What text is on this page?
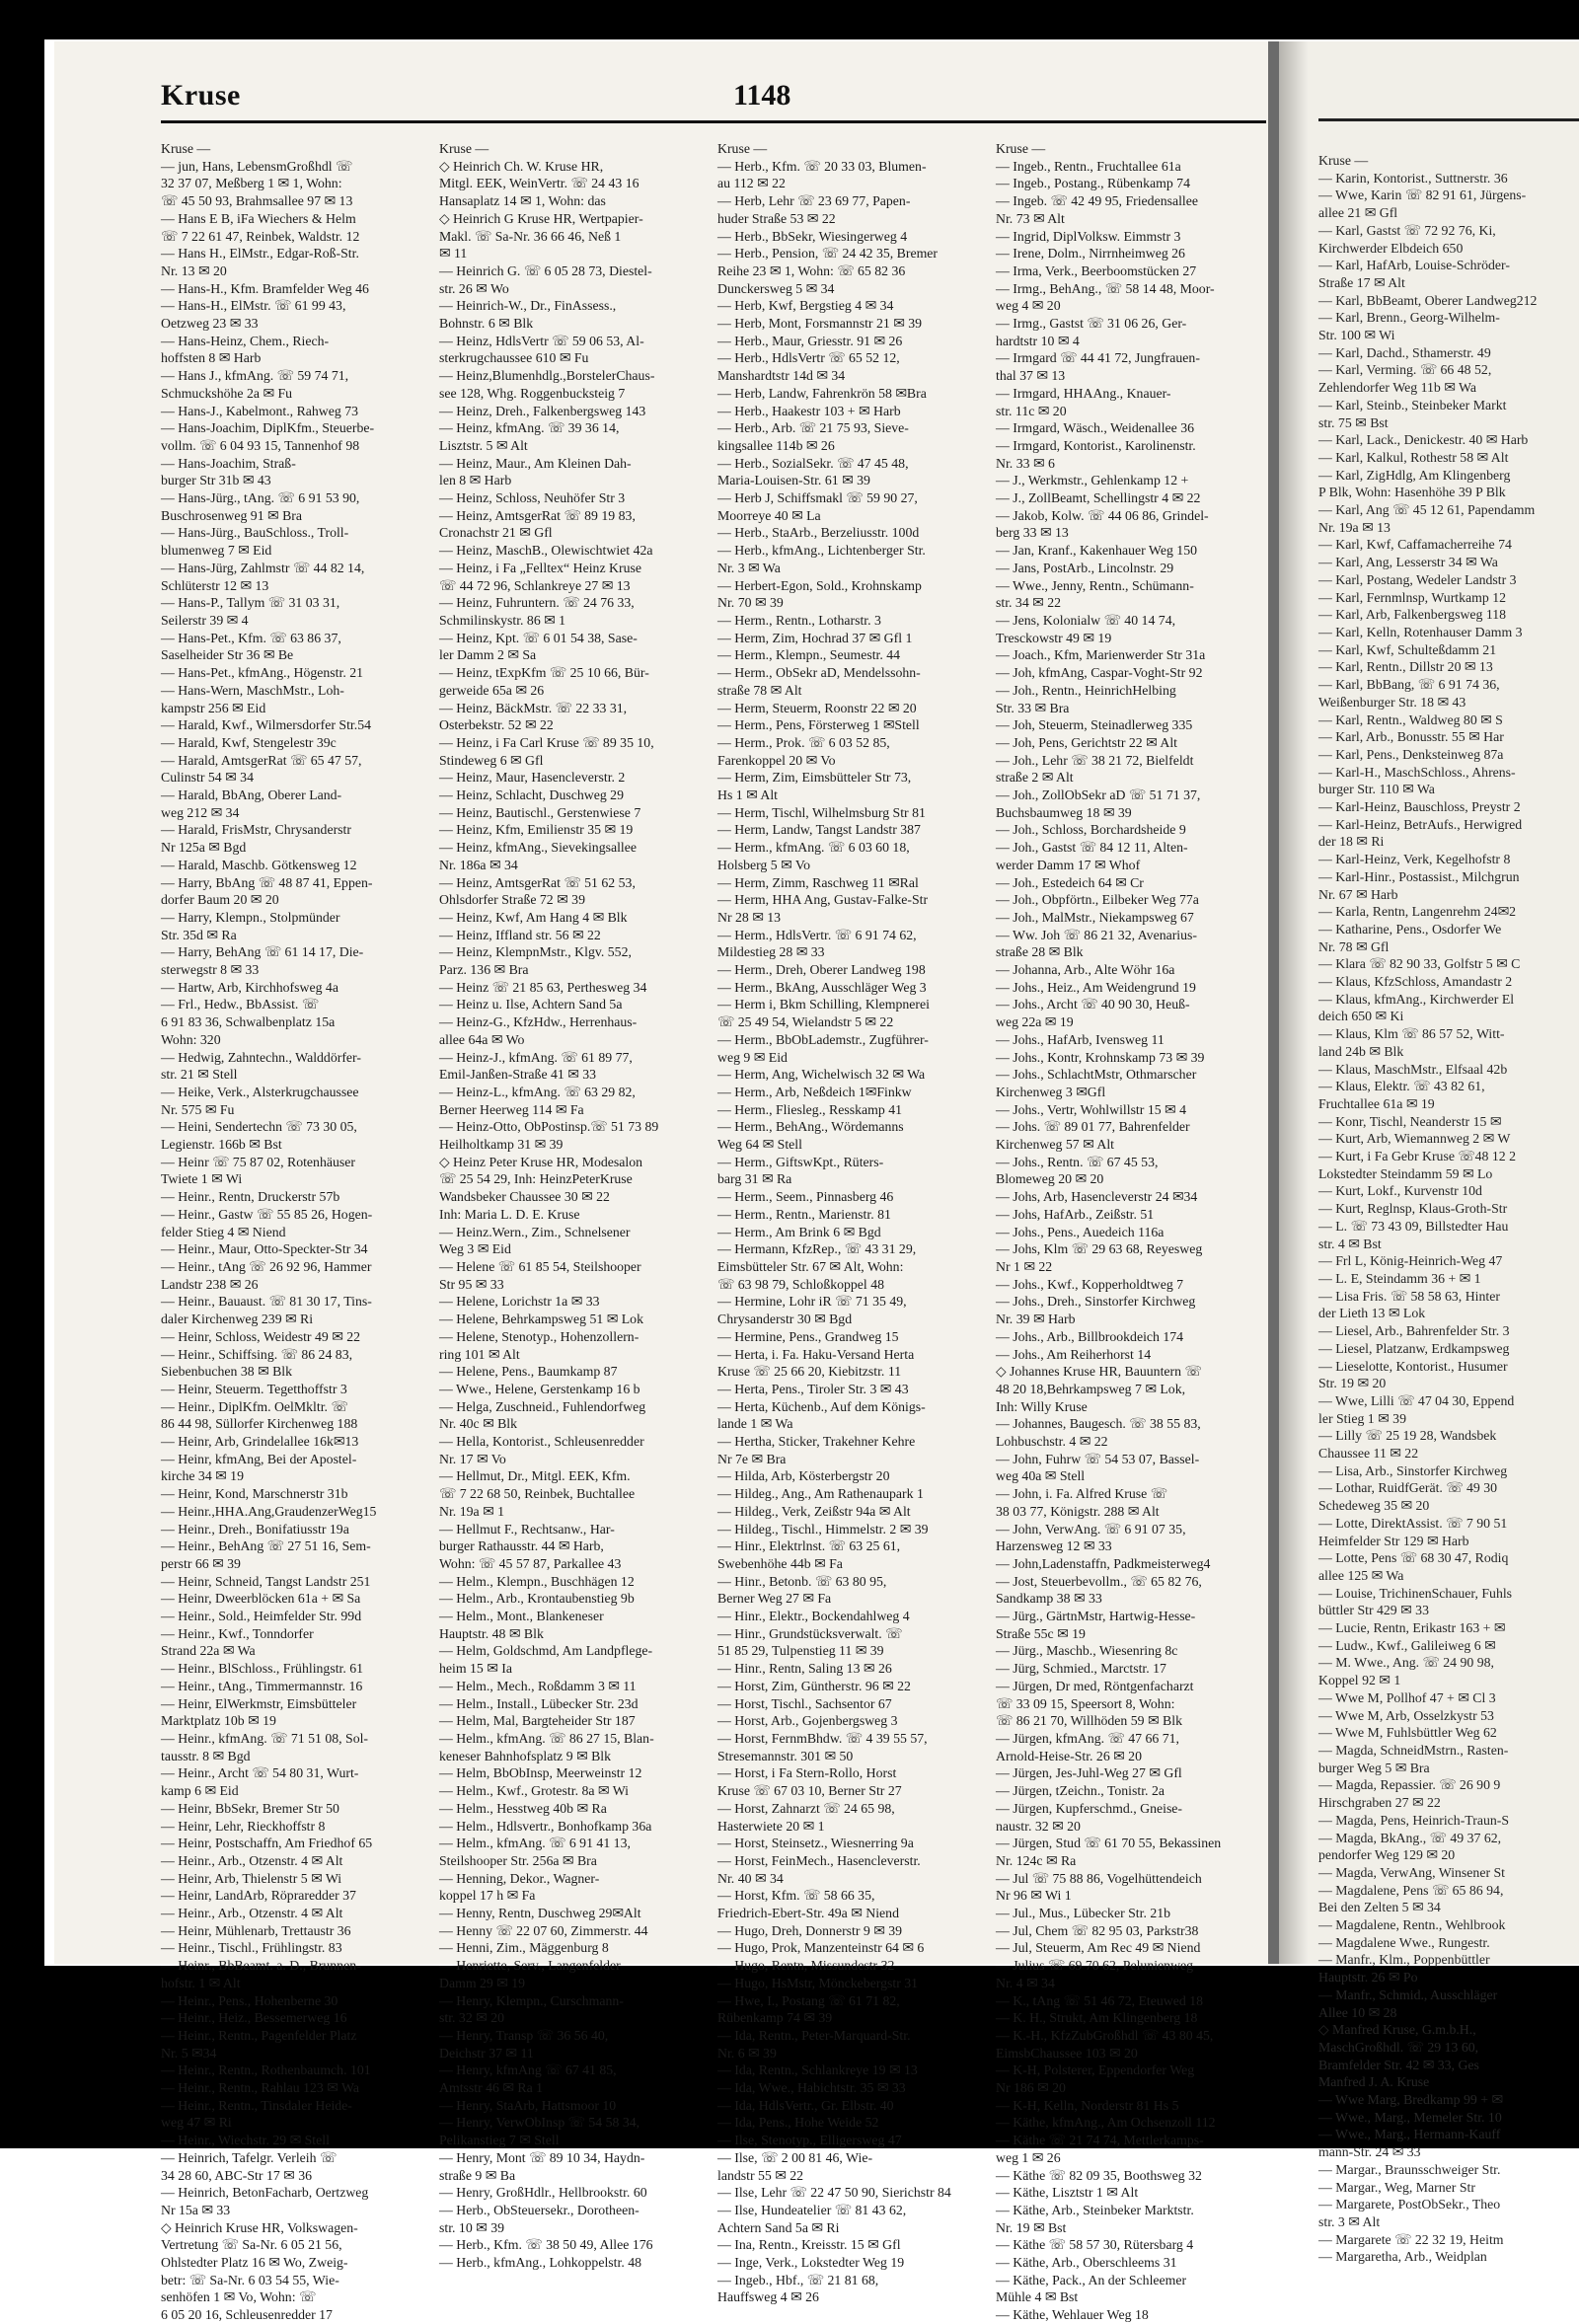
Kruse	1148
Kruse —
— jun, Hans, LebensmGroßhdl ☏
32 37 07, Meßberg 1 ✉ 1, Wohn:
☏ 45 50 93, Brahmsallee 97 ✉ 13
— Hans E B, iFa Wiechers & Helm
☏ 7 22 61 47, Reinbek, Waldstr. 12
— Hans H., ElMstr., Edgar-Roß-Str.
Nr. 13 ✉ 20
— Hans-H., Kfm. Bramfelder Weg 46
— Hans-H., ElMstr. ☏ 61 99 43,
Oetzweg 23 ✉ 33
— Hans-Heinz, Chem., Riech-
hoffsten 8 ✉ Harb
— Hans J., kfmAng. ☏ 59 74 71,
Schmuckshöhe 2a ✉ Fu
— Hans-J., Kabelmont., Rahweg 73
— Hans-Joachim, DiplKfm., Steuerbe-
vollm. ☏ 6 04 93 15, Tannenhof 98
— Hans-Joachim, Straß-
burger Str 31b ✉ 43
— Hans-Jürg., tAng. ☏ 6 91 53 90,
Buschrosenweg 91 ✉ Bra
— Hans-Jürg., BauSchloss., Troll-
blumenweg 7 ✉ Eid
— Hans-Jürg, Zahlmstr ☏ 44 82 14,
Schlüterstr 12 ✉ 13
— Hans-P., Tallym ☏ 31 03 31,
Seilerstr 39 ✉ 4
— Hans-Pet., Kfm. ☏ 63 86 37,
Saselheider Str 36 ✉ Be
— Hans-Pet., kfmAng., Högenstr. 21
— Hans-Wern, MaschMstr., Loh-
kampstr 256 ✉ Eid
— Harald, Kwf., Wilmersdorfer Str.54
— Harald, Kwf, Stengelestr 39c
— Harald, AmtsgerRat ☏ 65 47 57,
Culinstr 54 ✉ 34
— Harald, BbAng, Oberer Land-
weg 212 ✉ 34
— Harald, FrisMstr, Chrysanderstr
Nr 125a ✉ Bgd
— Harald, Maschb. Götkensweg 12
— Harry, BbAng ☏ 48 87 41, Eppen-
dorfer Baum 20 ✉ 20
— Harry, Klempn., Stolpmünder
Str. 35d ✉ Ra
— Harry, BehAng ☏ 61 14 17, Die-
sterwegstr 8 ✉ 33
— Hartw, Arb, Kirchhofsweg 4a
— Frl., Hedw., BbAssist. ☏
6 91 83 36, Schwalbenplatz 15a
Wohn: 320
— Hedwig, Zahntechn., Walddörfer-
str. 21 ✉ Stell
— Heike, Verk., Alsterkrugchaussee
Nr. 575 ✉ Fu
— Heini, Sendertechn ☏ 73 30 05,
Legienstr. 166b ✉ Bst
— Heinr ☏ 75 87 02, Rotenhäuser
Twiete 1 ✉ Wi
— Heinr., Rentn, Druckerstr 57b
— Heinr., Gastw ☏ 55 85 26, Hogen-
felder Stieg 4 ✉ Niend
— Heinr., Maur, Otto-Speckter-Str 34
— Heinr., tAng ☏ 26 92 96, Hammer
Landstr 238 ✉ 26
— Heinr., Bauaust. ☏ 81 30 17, Tins-
daler Kirchenweg 239 ✉ Ri
— Heinr, Schloss, Weidestr 49 ✉ 22
— Heinr., Schiffsing. ☏ 86 24 83,
Siebenbuchen 38 ✉ Blk
— Heinr, Steuerm. Tegetthoffstr 3
— Heinr., DiplKfm. OelMkltr. ☏
86 44 98, Süllorfer Kirchenweg 188
— Heinr, Arb, Grindelallee 16k✉13
— Heinr, kfmAng, Bei der Apostel-
kirche 34 ✉ 19
— Heinr, Kond, Marschnerstr 31b
— Heinr.,HHA.Ang,GraudenzerWeg15
— Heinr., Dreh., Bonifatiusstr 19a
— Heinr., BehAng ☏ 27 51 16, Sem-
perstr 66 ✉ 39
— Heinr, Schneid, Tangst Landstr 251
— Heinr, Dweerblöcken 61a + ✉ Sa
— Heinr., Sold., Heimfelder Str. 99d
— Heinr., Kwf., Tonndorfer
Strand 22a ✉ Wa
— Heinr., BlSchloss., Frühlingstr. 61
— Heinr., tAng., Timmermannstr. 16
— Heinr, ElWerkmstr, Eimsbütteler
Marktplatz 10b ✉ 19
— Heinr., kfmAng. ☏ 71 51 08, Sol-
tausstr. 8 ✉ Bgd
— Heinr., Archt ☏ 54 80 31, Wurt-
kamp 6 ✉ Eid
— Heinr, BbSekr, Bremer Str 50
— Heinr, Lehr, Rieckhoffstr 8
— Heinr, Postschaffn, Am Friedhof 65
— Heinr., Arb., Otzenstr. 4 ✉ Alt
— Heinr, Arb, Thielenstr 5 ✉ Wi
— Heinr, LandArb, Röpraredder 37
— Heinr., Arb., Otzenstr. 4 ✉ Alt
— Heinr, Mühlenarb, Trettaustr 36
— Heinr., Tischl., Frühlingstr. 83
— Heinr., BbBeamt. a. D., Brunnen-
hofstr. 1 ✉ Alt
— Heinr., Pens., Hohenberne 30
— Heinr., Heiz., Bessemerweg 16
— Heinr., Rentn., Pagenfelder Platz
Nr. 5 ✉34
— Heinr., Rentn., Rothenbaumch. 101
— Heinr., Rentn., Rahlau 123 ✉ Wa
— Heinr., Rentn., Tinsdaler Heide-
weg 47 ✉ Ri
— Heinr., Wiechstr. 29 ✉ Stell
— Heinrich, Tafelgr. Verleih ☏
34 28 60, ABC-Str 17 ✉ 36
— Heinrich, BetonFacharb, Oertzweg
Nr 15a ✉ 33
◇ Heinrich Kruse HR, Volkswagen-
Vertretung ☏ Sa-Nr. 6 05 21 56,
Ohlstedter Platz 16 ✉ Wo, Zweig-
betr: ☏ Sa-Nr. 6 03 54 55, Wie-
senhöfen 1 ✉ Vo, Wohn: ☏
6 05 20 16, Schleusenredder 17
Kruse —
◇ Heinrich Ch. W. Kruse HR,
Mitgl. EEK, WeinVertr. ☏ 24 43 16
Hansaplatz 14 ✉ 1, Wohn: das
◇ Heinrich G Kruse HR, Wertpapier-
Makl. ☏ Sa-Nr. 36 66 46, Neß 1
✉ 11
— Heinrich G. ☏ 6 05 28 73, Diestel-
str. 26 ✉ Wo
— Heinrich-W., Dr., FinAssess.,
Bohnstr. 6 ✉ Blk
— Heinz, HdlsVertr ☏ 59 06 53, Al-
sterkrugchaussee 610 ✉ Fu
— Heinz,Blumenhdlg.,BorstelerChaus-
see 128, Whg. Roggenbucksteig 7
— Heinz, Dreh., Falkenbergsweg 143
— Heinz, kfmAng. ☏ 39 36 14,
Lisztstr. 5 ✉ Alt
— Heinz, Maur., Am Kleinen Dah-
len 8 ✉ Harb
— Heinz, Schloss, Neuhöfer Str 3
— Heinz, AmtsgerRat ☏ 89 19 83,
Cronachstr 21 ✉ Gfl
— Heinz, MaschB., Olewischtwiet 42a
— Heinz, i Fa „Felltex“ Heinz Kruse
☏ 44 72 96, Schlankreye 27 ✉ 13
— Heinz, Fuhruntern. ☏ 24 76 33,
Schmilinskystr. 86 ✉ 1
— Heinz, Kpt. ☏ 6 01 54 38, Sase-
ler Damm 2 ✉ Sa
— Heinz, tExpKfm ☏ 25 10 66, Bür-
gerweide 65a ✉ 26
— Heinz, BäckMstr. ☏ 22 33 31,
Osterbekstr. 52 ✉ 22
— Heinz, i Fa Carl Kruse ☏ 89 35 10,
Stindeweg 6 ✉ Gfl
— Heinz, Maur, Hasencleverstr. 2
— Heinz, Schlacht, Duschweg 29
— Heinz, Bautischl., Gerstenwiese 7
— Heinz, Kfm, Emilienstr 35 ✉ 19
— Heinz, kfmAng., Sievekingsallee
Nr. 186a ✉ 34
— Heinz, AmtsgerRat ☏ 51 62 53,
Ohlsdorfer Straße 72 ✉ 39
— Heinz, Kwf, Am Hang 4 ✉ Blk
— Heinz, Iffland str. 56 ✉ 22
— Heinz, KlempnMstr., Klgv. 552,
Parz. 136 ✉ Bra
— Heinz ☏ 21 85 63, Perthesweg 34
— Heinz u. Ilse, Achtern Sand 5a
— Heinz-G., KfzHdw., Herrenhaus-
allee 64a ✉ Wo
— Heinz-J., kfmAng. ☏ 61 89 77,
Emil-Janßen-Straße 41 ✉ 33
— Heinz-L., kfmAng. ☏ 63 29 82,
Berner Heerweg 114 ✉ Fa
— Heinz-Otto, ObPostinsp.☏ 51 73 89
Heilholtkamp 31 ✉ 39
◇ Heinz Peter Kruse HR, Modesalon
☏ 25 54 29, Inh: HeinzPeterKruse
Wandsbeker Chaussee 30 ✉ 22
Inh: Maria L. D. E. Kruse
— Heinz.Wern., Zim., Schnelsener
Weg 3 ✉ Eid
— Helene ☏ 61 85 54, Steilshooper
Str 95 ✉ 33
— Helene, Lorichstr 1a ✉ 33
— Helene, Behrkampsweg 51 ✉ Lok
— Helene, Stenotyp., Hohenzollern-
ring 101 ✉ Alt
— Helene, Pens., Baumkamp 87
— Wwe., Helene, Gerstenkamp 16 b
— Helga, Zuschneid., Fuhlendorfweg
Nr. 40c ✉ Blk
— Hella, Kontorist., Schleusenredder
Nr. 17 ✉ Vo
— Hellmut, Dr., Mitgl. EEK, Kfm.
☏ 7 22 68 50, Reinbek, Buchtallee
Nr. 19a ✉ 1
— Hellmut F., Rechtsanw., Har-
burger Rathausstr. 44 ✉ Harb,
Wohn: ☏ 45 57 87, Parkallee 43
— Helm., Klempn., Buschhägen 12
— Helm., Arb., Krontaubenstieg 9b
— Helm., Mont., Blankeneser
Hauptstr. 48 ✉ Blk
— Helm, Goldschmd, Am Landpflege-
heim 15 ✉ Ia
— Helm., Mech., Roßdamm 3 ✉ 11
— Helm., Install., Lübecker Str. 23d
— Helm, Mal, Bargteheider Str 187
— Helm., kfmAng. ☏ 86 27 15, Blan-
keneser Bahnhofsplatz 9 ✉ Blk
— Helm, BbObInsp, Meerweinstr 12
— Helm., Kwf., Grotestr. 8a ✉ Wi
— Helm., Hesstweg 40b ✉ Ra
— Helm., Hdlsvertr., Bonhofkamp 36a
— Helm., kfmAng. ☏ 6 91 41 13,
Steilshooper Str. 256a ✉ Bra
— Henning, Dekor., Wagner-
koppel 17 h ✉ Fa
— Henny, Rentn, Duschweg 29✉Alt
— Henny ☏ 22 07 60, Zimmerstr. 44
— Henni, Zim., Mäggenburg 8
— Henriette, Serv., Langenfelder
Damm 29 ✉ 19
— Henry, Klempn., Curschmann-
str. 32 ✉ 20
— Henry, Transp ☏ 36 56 40,
Deichstr 37 ✉ 11
— Henry, kfmAng ☏ 67 41 85,
Amtsstr 46 ✉ Ra 1
— Henry, StaArb, Hattsmoor 10
— Henry, VerwObInsp ☏ 54 58 34,
Pelikanstieg 7 ✉ Stell
— Henry, Mont ☏ 89 10 34, Haydn-
straße 9 ✉ Ba
— Henry, GroßHdlr., Hellbrookstr. 60
— Herb., ObSteuersekr., Dorotheen-
str. 10 ✉ 39
— Herb., Kfm. ☏ 38 50 49, Allee 176
— Herb., kfmAng., Lohkoppelstr. 48
Kruse —
— Herb., Kfm. ☏ 20 33 03, Blumen-
au 112 ✉ 22
— Herb, Lehr ☏ 23 69 77, Papen-
huder Straße 53 ✉ 22
— Herb., BbSekr, Wiesingerweg 4
— Herb., Pension, ☏ 24 42 35, Bremer
Reihe 23 ✉ 1, Wohn: ☏ 65 82 36
Dunckersweg 5 ✉ 34
— Herb, Kwf, Bergstieg 4 ✉ 34
— Herb, Mont, Forsmannstr 21 ✉ 39
— Herb., Maur, Griesstr. 91 ✉ 26
— Herb., HdlsVertr ☏ 65 52 12,
Manshardtstr 14d ✉ 34
— Herb, Landw, Fahrenkrön 58 ✉Bra
— Herb., Haakestr 103 + ✉ Harb
— Herb., Arb. ☏ 21 75 93, Sieve-
kingsallee 114b ✉ 26
— Herb., SozialSekr. ☏ 47 45 48,
Maria-Louisen-Str. 61 ✉ 39
— Herb J, Schiffsmakl ☏ 59 90 27,
Moorreye 40 ✉ La
— Herb., StaArb., Berzeliusstr. 100d
— Herb., kfmAng., Lichtenberger Str.
Nr. 3 ✉ Wa
— Herbert-Egon, Sold., Krohnskamp
Nr. 70 ✉ 39
— Herm., Rentn., Lotharstr. 3
— Herm, Zim, Hochrad 37 ✉ Gfl 1
— Herm., Klempn., Seumestr. 44
— Herm., ObSekr aD, Mendelssohn-
straße 78 ✉ Alt
— Herm, Steuerm, Roonstr 22 ✉ 20
— Herm., Pens, Försterweg 1 ✉Stell
— Herm., Prok. ☏ 6 03 52 85,
Farenkoppel 20 ✉ Vo
— Herm, Zim, Eimsbütteler Str 73,
Hs 1 ✉ Alt
— Herm, Tischl, Wilhelmsburg Str 81
— Herm, Landw, Tangst Landstr 387
— Herm., kfmAng. ☏ 6 03 60 18,
Holsberg 5 ✉ Vo
— Herm, Zimm, Raschweg 11 ✉Ral
— Herm, HHA Ang, Gustav-Falke-Str
Nr 28 ✉ 13
— Herm., HdlsVertr. ☏ 6 91 74 62,
Mildestieg 28 ✉ 33
— Herm., Dreh, Oberer Landweg 198
— Herm., BkAng, Ausschläger Weg 3
— Herm i, Bkm Schilling, Klempnerei
☏ 25 49 54, Wielandstr 5 ✉ 22
— Herm., BbObLademstr., Zugführer-
weg 9 ✉ Eid
— Herm, Ang, Wichelwisch 32 ✉ Wa
— Herm., Arb, Neßdeich 1✉Finkw
— Herm., Fliesleg., Resskamp 41
— Herm., BehAng., Wördemanns
Weg 64 ✉ Stell
— Herm., GiftswKpt., Rüters-
barg 31 ✉ Ra
— Herm., Seem., Pinnasberg 46
— Herm., Rentn., Marienstr. 81
— Herm., Am Brink 6 ✉ Bgd
— Hermann, KfzRep., ☏ 43 31 29,
Eimsbütteler Str. 67 ✉ Alt, Wohn:
☏ 63 98 79, Schloßkoppel 48
— Hermine, Lohr iR ☏ 71 35 49,
Chrysanderstr 30 ✉ Bgd
— Hermine, Pens., Grandweg 15
— Herta, i. Fa. Haku-Versand Herta
Kruse ☏ 25 66 20, Kiebitzstr. 11
— Herta, Pens., Tiroler Str. 3 ✉ 43
— Herta, Küchenb., Auf dem Königs-
lande 1 ✉ Wa
— Hertha, Sticker, Trakehner Kehre
Nr 7e ✉ Bra
— Hilda, Arb, Kösterbergstr 20
— Hildeg., Ang., Am Rathenaupark 1
— Hildeg., Verk, Zeißstr 94a ✉ Alt
— Hildeg., Tischl., Himmelstr. 2 ✉ 39
— Hinr., Elektrlnst. ☏ 63 25 61,
Swebenhöhe 44b ✉ Fa
— Hinr., Betonb. ☏ 63 80 95,
Berner Weg 27 ✉ Fa
— Hinr., Elektr., Bockendahlweg 4
— Hinr., Grundstücksverwalt. ☏
51 85 29, Tulpenstieg 11 ✉ 39
— Hinr., Rentn, Saling 13 ✉ 26
— Horst, Zim, Güntherstr. 96 ✉ 22
— Horst, Tischl., Sachsentor 67
— Horst, Arb., Gojenbergsweg 3
— Horst, FernmBhdw. ☏ 4 39 55 57,
Stresemannstr. 301 ✉ 50
— Horst, i Fa Stern-Rollo, Horst
Kruse ☏ 67 03 10, Berner Str 27
— Horst, Zahnarzt ☏ 24 65 98,
Hasterwiete 20 ✉ 1
— Horst, Steinsetz., Wiesnerring 9a
— Horst, FeinMech., Hasencleverstr.
Nr. 40 ✉ 34
— Horst, Kfm. ☏ 58 66 35,
Friedrich-Ebert-Str. 49a ✉ Niend
— Hugo, Dreh, Donnerstr 9 ✉ 39
— Hugo, Prok, Manzenteinstr 64 ✉ 6
— Hugo, Rentn, Missundestr 32
— Hugo, HsMstr, Mönckebergstr 31
— Hwe, I., Postang ☏ 61 71 82,
Rübenkamp 74 ✉ 39
— Ida, Rentn., Peter-Marquard-Str.
Nr. 6 ✉ 39
— Ida, Rentn., Schlankreye 19 ✉ 13
— Ida, Wwe., Habichtstr. 35 ✉ 33
— Ida, HdlsVertr., Gr. Elbstr. 40
— Ida, Pens., Hohe Weide 52
— Ilse, Stenotyp., Elligersweg 47
— Ilse, ☏ 2 00 81 46, Wie-
landstr 55 ✉ 22
— Ilse, Lehr ☏ 22 47 50 90, Sierichstr 84
— Ilse, Hundeatelier ☏ 81 43 62,
Achtern Sand 5a ✉ Ri
— Ina, Rentn., Kreisstr. 15 ✉ Gfl
— Inge, Verk., Lokstedter Weg 19
— Ingeb., Hbf., ☏ 21 81 68,
Hauffsweg 4 ✉ 26
Kruse —
— Ingeb., Rentn., Fruchtallee 61a
— Ingeb., Postang., Rübenkamp 74
— Ingeb. ☏ 42 49 95, Friedensallee
Nr. 73 ✉ Alt
— Ingrid, DiplVolksw. Eimmstr 3
— Irene, Dolm., Nirrnheimweg 26
— Irma, Verk., Beerboomstücken 27
— Irmg., BehAng., ☏ 58 14 48, Moor-
weg 4 ✉ 20
— Irmg., Gastst ☏ 31 06 26, Ger-
hardtstr 10 ✉ 4
— Irmgard ☏ 44 41 72, Jungfrauen-
thal 37 ✉ 13
— Irmgard, HHAAng., Knauer-
str. 11c ✉ 20
— Irmgard, Wäsch., Weidenallee 36
— Irmgard, Kontorist., Karolinenstr.
Nr. 33 ✉ 6
— J., Werkmstr., Gehlenkamp 12 +
— J., ZollBeamt, Schellingstr 4 ✉ 22
— Jakob, Kolw. ☏ 44 06 86, Grindel-
berg 33 ✉ 13
— Jan, Kranf., Kakenhauer Weg 150
— Jans, PostArb., Lincolnstr. 29
— Wwe., Jenny, Rentn., Schümann-
str. 34 ✉ 22
— Jens, Kolonialw ☏ 40 14 74,
Tresckowstr 49 ✉ 19
— Joach., Kfm, Marienwerder Str 31a
— Joh, kfmAng, Caspar-Voght-Str 92
— Joh., Rentn., HeinrichHelbing
Str. 33 ✉ Bra
— Joh, Steuerm, Steinadlerweg 335
— Joh, Pens, Gerichtstr 22 ✉ Alt
— Joh., Lehr ☏ 38 21 72, Bielfeldt
straße 2 ✉ Alt
— Joh., ZollObSekr aD ☏ 51 71 37,
Buchsbaumweg 18 ✉ 39
— Joh., Schloss, Borchardsheide 9
— Joh., Gastst ☏ 84 12 11, Alten-
werder Damm 17 ✉ Whof
— Joh., Estedeich 64 ✉ Cr
— Joh., Obpförtn., Eilbeker Weg 77a
— Joh., MalMstr., Niekampsweg 67
— Ww. Joh ☏ 86 21 32, Avenarius-
straße 28 ✉ Blk
— Johanna, Arb., Alte Wöhr 16a
— Johs., Heiz., Am Weidengrund 19
— Johs., Archt ☏ 40 90 30, Heuß-
weg 22a ✉ 19
— Johs., HafArb, Ivensweg 11
— Johs., Kontr, Krohnskamp 73 ✉ 39
— Johs., SchlachtMstr, Othmarscher
Kirchenweg 3 ✉Gfl
— Johs., Vertr, Wohlwillstr 15 ✉ 4
— Johs. ☏ 89 01 77, Bahrenfelder
Kirchenweg 57 ✉ Alt
— Johs., Rentn. ☏ 67 45 53,
Blomeweg 20 ✉ 20
— Johs, Arb, Hasencleverstr 24 ✉34
— Johs, HafArb., Zeißstr. 51
— Johs., Pens., Auedeich 116a
— Johs, Klm ☏ 29 63 68, Reyesweg
Nr 1 ✉ 22
— Johs., Kwf., Kopperholdtweg 7
— Johs., Dreh., Sinstorfer Kirchweg
Nr. 39 ✉ Harb
— Johs., Arb., Billbrookdeich 174
— Johs., Am Reiherhorst 14
◇ Johannes Kruse HR, Bauuntern ☏
48 20 18,Behrkampsweg 7 ✉ Lok,
Inh: Willy Kruse
— Johannes, Baugesch. ☏ 38 55 83,
Lohbuschstr. 4 ✉ 22
— John, Fuhrw ☏ 54 53 07, Bassel-
weg 40a ✉ Stell
— John, i. Fa. Alfred Kruse ☏
38 03 77, Königstr. 288 ✉ Alt
— John, VerwAng. ☏ 6 91 07 35,
Harzensweg 12 ✉ 33
— John,Ladenstaffn, Padkmeisterweg4
— Jost, Steuerbevollm., ☏ 65 82 76,
Sandkamp 38 ✉ 33
— Jürg., GärtnMstr, Hartwig-Hesse-
Straße 55c ✉ 19
— Jürg., Maschb., Wiesenring 8c
— Jürg, Schmied., Marctstr. 17
— Jürgen, Dr med, Röntgenfacharzt
☏ 33 09 15, Speersort 8, Wohn:
☏ 86 21 70, Willhöden 59 ✉ Blk
— Jürgen, kfmAng. ☏ 47 66 71,
Arnold-Heise-Str. 26 ✉ 20
— Jürgen, Jes-Juhl-Weg 27 ✉ Gfl
— Jürgen, tZeichn., Tonistr. 2a
— Jürgen, Kupferschmd., Gneise-
naustr. 32 ✉ 20
— Jürgen, Stud ☏ 61 70 55, Bekassinen
Nr. 124c ✉ Ra
— Jul ☏ 75 88 86, Vogelhüttendeich
Nr 96 ✉ Wi 1
— Jul., Mus., Lübecker Str. 21b
— Jul, Chem ☏ 82 95 03, Parkstr38
— Jul, Steuerm, Am Rec 49 ✉ Niend
— Julius ☏ 69 70 62, Pelunienweg
Nr. 4 ✉ 34
— K., tAng ☏ 51 46 72, Eteuwed 18
— K. H., Strukt, Am Klingenberg 18
— K.-H., KfzZubGroßhdl ☏ 43 80 45,
EimsbChaussee 103 ✉ 20
— K-H, Polsterer, Eppendorfer Weg
Nr 186 ✉ 20
— K-H, Kelln, Norderstr 81 Hs 5
— Käthe, kfmAng., Am Ochsenzoll 112
— Käthe ☏ 21 74 74, Mettlerkamps-
weg 1 ✉ 26
— Käthe ☏ 82 09 35, Boothsweg 32
— Käthe, Lisztstr 1 ✉ Alt
— Käthe, Arb., Steinbeker Marktstr.
Nr. 19 ✉ Bst
— Käthe ☏ 58 57 30, Rütersbarg 4
— Käthe, Arb., Oberschleems 31
— Käthe, Pack., An der Schleemer
Mühle 4 ✉ Bst
— Käthe, Wehlauer Weg 18
Kruse —
— Karin, Kontorist., Suttnerstr. 36
— Wwe, Karin ☏ 82 91 61, Jürgens-
allee 21 ✉ Gfl
— Karl, Gastst ☏ 72 92 76, Ki,
Kirchwerder Elbdeich 650
— Karl, HafArb, Louise-Schröder-
Straße 17 ✉ Alt
— Karl, BbBeamt, Oberer Landweg212
— Karl, Brenn., Georg-Wilhelm-
Str. 100 ✉ Wi
— Karl, Dachd., Sthamerstr. 49
— Karl, Verming. ☏ 66 48 52,
Zehlendorfer Weg 11b ✉ Wa
— Karl, Steinb., Steinbeker Markt
str. 75 ✉ Bst
— Karl, Lack., Denickestr. 40 ✉ Harb
— Karl, Kalkul, Rothestr 58 ✉ Alt
— Karl, ZigHdlg, Am Klingenberg
P Blk, Wohn: Hasenhöhe 39 P Blk
— Karl, Ang ☏ 45 12 61, Papendamm
Nr. 19a ✉ 13
— Karl, Kwf, Caffamacherreihe 74
— Karl, Ang, Lesserstr 34 ✉ Wa
— Karl, Postang, Wedeler Landstr 3
— Karl, Fernmlnsp, Wurtkamp 12
— Karl, Arb, Falkenbergsweg 118
— Karl, Kelln, Rotenhauser Damm 3
— Karl, Kwf, Schulteßdamm 21
— Karl, Rentn., Dillstr 20 ✉ 13
— Karl, BbBang, ☏ 6 91 74 36,
Weißenburger Str. 18 ✉ 43
— Karl, Rentn., Waldweg 80 ✉ S
— Karl, Arb., Bonusstr. 55 ✉ Har
— Karl, Pens., Denksteinweg 87a
— Karl-H., MaschSchloss., Ahrens-
burger Str. 110 ✉ Wa
— Karl-Heinz, Bauschloss, Preystr 2
— Karl-Heinz, BetrAufs., Herwigred
der 18 ✉ Ri
— Karl-Heinz, Verk, Kegelhofstr 8
— Karl-Hinr., Postassist., Milchgrun
Nr. 67 ✉ Harb
— Karla, Rentn, Langenrehm 24✉2
— Katharine, Pens., Osdorfer We
Nr. 78 ✉ Gfl
— Klara ☏ 82 90 33, Golfstr 5 ✉ C
— Klaus, KfzSchloss, Amandastr 2
— Klaus, kfmAng., Kirchwerder El
deich 650 ✉ Ki
— Klaus, Klm ☏ 86 57 52, Witt-
land 24b ✉ Blk
— Klaus, MaschMstr., Elfsaal 42b
— Klaus, Elektr. ☏ 43 82 61,
Fruchtallee 61a ✉ 19
— Konr, Tischl, Neanderstr 15 ✉
— Kurt, Arb, Wiemannweg 2 ✉ W
— Kurt, i Fa Gebr Kruse ☏48 12 2
Lokstedter Steindamm 59 ✉ Lo
— Kurt, Lokf., Kurvenstr 10d
— Kurt, Reglnsp, Klaus-Groth-Str
— L. ☏ 73 43 09, Billstedter Hau
str. 4 ✉ Bst
— Frl L, König-Heinrich-Weg 47
— L. E, Steindamm 36 + ✉ 1
— Lisa Fris. ☏ 58 58 63, Hinter
der Lieth 13 ✉ Lok
— Liesel, Arb., Bahrenfelder Str. 3
— Liesel, Platzanw, Erdkampsweg
— Lieselotte, Kontorist., Husumer
Str. 19 ✉ 20
— Wwe, Lilli ☏ 47 04 30, Eppend
ler Stieg 1 ✉ 39
— Lilly ☏ 25 19 28, Wandsbek
Chaussee 11 ✉ 22
— Lisa, Arb., Sinstorfer Kirchweg
— Lothar, RuidfGerät. ☏ 49 30
Schedeweg 35 ✉ 20
— Lotte, DirektAssist. ☏ 7 90 51
Heimfelder Str 129 ✉ Harb
— Lotte, Pens ☏ 68 30 47, Rodiq
allee 125 ✉ Wa
— Louise, TrichinenSchauer, Fuhls
büttler Str 429 ✉ 33
— Lucie, Rentn, Erikastr 163 + ✉
— Ludw., Kwf., Galileiweg 6 ✉
— M. Wwe., Ang. ☏ 24 90 98,
Koppel 92 ✉ 1
— Wwe M, Pollhof 47 + ✉ Cl 3
— Wwe M, Arb, Osselzkystr 53
— Wwe M, Fuhlsbüttler Weg 62
— Magda, SchneidMstrn., Rasten-
burger Weg 5 ✉ Bra
— Magda, Repassier. ☏ 26 90 9
Hirschgraben 27 ✉ 22
— Magda, Pens, Heinrich-Traun-S
— Magda, BkAng., ☏ 49 37 62,
pendorfer Weg 129 ✉ 20
— Magda, VerwAng, Winsener St
— Magdalene, Pens ☏ 65 86 94,
Bei den Zelten 5 ✉ 34
— Magdalene, Rentn., Wehlbrook
— Magdalene Wwe., Rungestr.
— Manfr., Klm., Poppenbüttler
Hauptstr. 26 ✉ Po
— Manfr., Schmid., Ausschläger
Allee 10 ✉ 28
◇ Manfred Kruse, G.m.b.H.,
MaschGroßhdl. ☏ 29 13 60,
Bramfelder Str. 42 ✉ 33, Ges
Manfred J. A. Kruse
— Wwe Marg, Bredkamp 99 + ✉
— Wwe., Marg., Memeler Str. 10
— Wwe., Marg., Hermann-Kauff
mann-Str. 24 ✉ 33
— Margar., Braunsschweiger Str.
— Margar., Weg, Marner Str
— Margarete, PostObSekr., Theo
str. 3 ✉ Alt
— Margarete ☏ 22 32 19, Heitm
— Margaretha, Arb., Weidplan
